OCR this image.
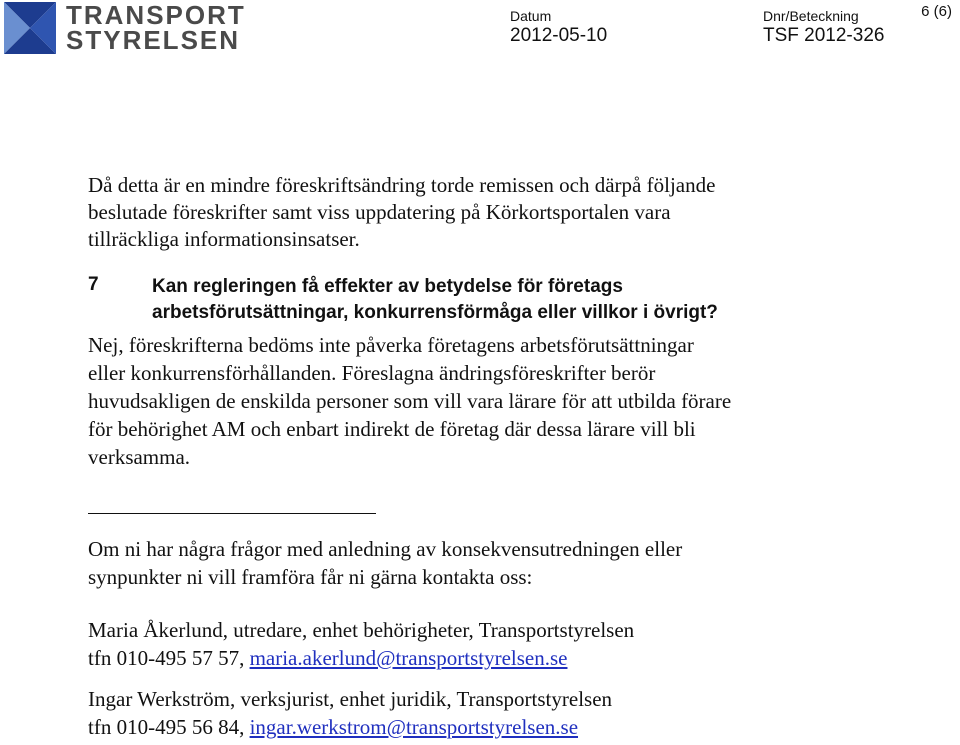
TRANSPORT
STYRELSEN
Datum
2012-05-10
Dnr/Beteckning
TSF 2012-326
6 (6)

Då detta är en mindre föreskriftsändring torde remissen och därpå följande
beslutade föreskrifter samt viss uppdatering på Körkortsportalen vara
tillräckliga informationsinsatser.

7	Kan regleringen få effekter av betydelse för företags
arbetsförutsättningar, konkurrensförmåga eller villkor i övrigt?

Nej, föreskrifterna bedöms inte påverka företagens arbetsförutsättningar
eller konkurrensförhållanden. Föreslagna ändringsföreskrifter berör
huvudsakligen de enskilda personer som vill vara lärare för att utbilda förare
för behörighet AM och enbart indirekt de företag där dessa lärare vill bli
verksamma.

Om ni har några frågor med anledning av konsekvensutredningen eller
synpunkter ni vill framföra får ni gärna kontakta oss:

Maria Åkerlund, utredare, enhet behörigheter, Transportstyrelsen
tfn 010-495 57 57, maria.akerlund@transportstyrelsen.se

Ingar Werkström, verksjurist, enhet juridik, Transportstyrelsen
tfn 010-495 56 84, ingar.werkstrom@transportstyrelsen.se
